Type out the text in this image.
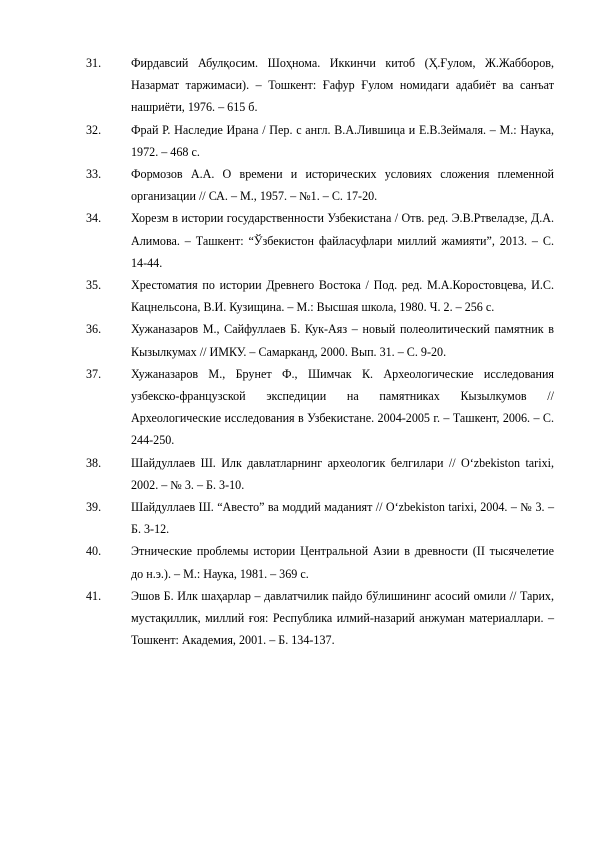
31.	Фирдавсий Абулқосим. Шоҳнома. Иккинчи китоб (Ҳ.Ғулом, Ж.Жабборов, Назармат таржимаси). – Тошкент: Ғафур Ғулом номидаги адабиёт ва санъат нашриёти, 1976. – 615 б.
32.	Фрай Р. Наследие Ирана / Пер. с англ. В.А.Лившица и Е.В.Зеймаля. – М.: Наука, 1972. – 468 с.
33.	Формозов А.А. О времени и исторических условиях сложения племенной организации // СА. – М., 1957. – №1. – С. 17-20.
34.	Хорезм в истории государственности Узбекистана / Отв. ред. Э.В.Ртвеладзе, Д.А. Алимова. – Ташкент: “Ўзбекистон файласуфлари миллий жамияти”, 2013. – С. 14-44.
35.	Хрестоматия по истории Древнего Востока / Под. ред. М.А.Коростовцева, И.С. Кацнельсона, В.И. Кузищина. – М.: Высшая школа, 1980. Ч. 2. – 256 с.
36.	Хужаназаров М., Сайфуллаев Б. Кук-Аяз – новый полеолитический памятник в Кызылкумах // ИМКУ. – Самарканд, 2000. Вып. 31. – С. 9-20.
37.	Хужаназаров М., Брунет Ф., Шимчак К. Археологические исследования узбекско-французской экспедиции на памятниках Кызылкумов // Археологические исследования в Узбекистане. 2004-2005 г. – Ташкент, 2006. – С. 244-250.
38.	Шайдуллаев Ш. Илк давлатларнинг археологик белгилари // O‘zbekiston tarixi, 2002. – № 3. – Б. 3-10.
39.	Шайдуллаев Ш. “Авесто” ва моддий маданият // O‘zbekiston tarixi, 2004. – № 3. – Б. 3-12.
40.	Этнические проблемы истории Центральной Азии в древности (II тысячелетие до н.э.). – М.: Наука, 1981. – 369 с.
41.	Эшов Б. Илк шаҳарлар – давлатчилик пайдо бўлишининг асосий омили // Тарих, мустақиллик, миллий ғоя: Республика илмий-назарий анжуман материаллари. – Тошкент: Академия, 2001. – Б. 134-137.
